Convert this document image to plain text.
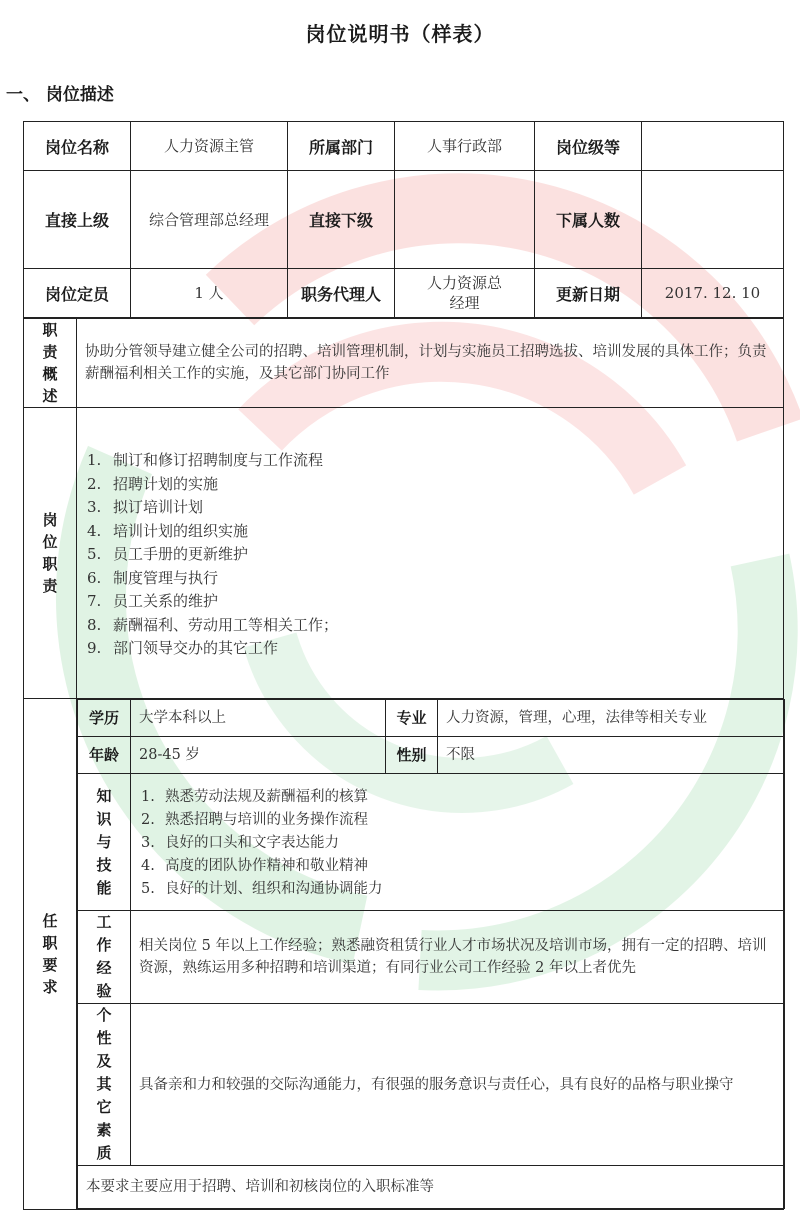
岗位说明书（样表）
一、 岗位描述
岗位名称	人力资源主管	所属部门	人事行政部	岗位级等	
直接上级	综合管理部总经理	直接下级		下属人数	
岗位定员	1 人	职务代理人	人力资源总经理	更新日期	2017. 12. 10
职责概述	协助分管领导建立健全公司的招聘、培训管理机制，计划与实施员工招聘选拔、培训发展的具体工作；负责薪酬福利相关工作的实施，及其它部门协同工作
岗位职责	
1. 制订和修订招聘制度与工作流程
2. 招聘计划的实施
3. 拟订培训计划
4. 培训计划的组织实施
5. 员工手册的更新维护
6. 制度管理与执行
7. 员工关系的维护
8. 薪酬福利、劳动用工等相关工作；
9. 部门领导交办的其它工作

任职要求	
学历	大学本科以上	专业	人力资源，管理，心理，法律等相关专业
年龄	28-45 岁	性别	不限
知识与技能	
1. 熟悉劳动法规及薪酬福利的核算
2. 熟悉招聘与培训的业务操作流程
3. 良好的口头和文字表达能力
4. 高度的团队协作精神和敬业精神
5. 良好的计划、组织和沟通协调能力

工作经验	相关岗位 5 年以上工作经验；熟悉融资租赁行业人才市场状况及培训市场，拥有一定的招聘、培训资源，熟练运用多种招聘和培训渠道；有同行业公司工作经验 2 年以上者优先
个性及其它素质	具备亲和力和较强的交际沟通能力，有很强的服务意识与责任心，具有良好的品格与职业操守
本要求主要应用于招聘、培训和初核岗位的入职标准等
